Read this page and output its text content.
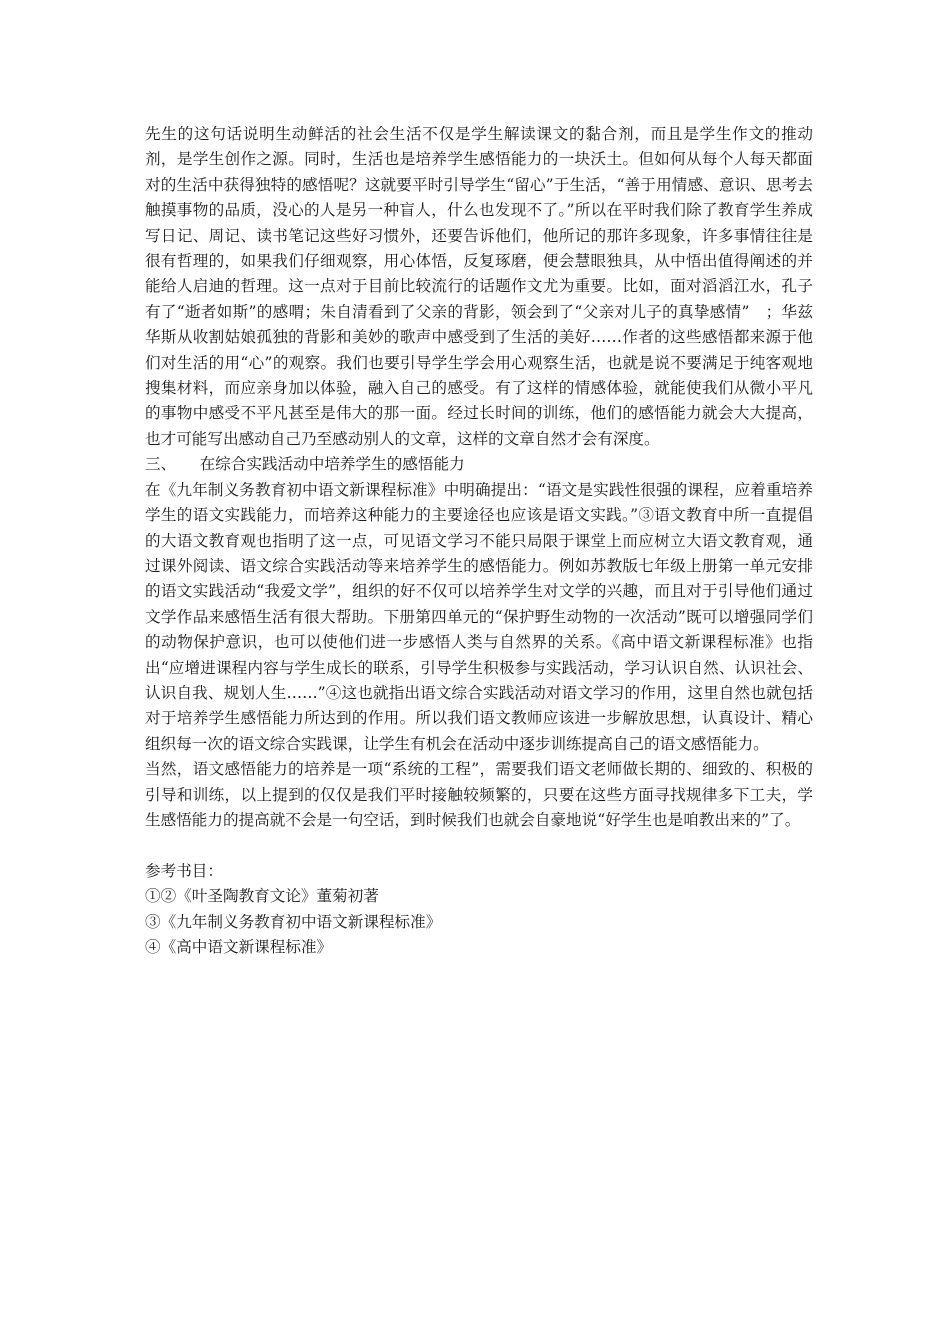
先生的这句话说明生动鲜活的社会生活不仅是学生解读课文的黏合剂，而且是学生作文的推动剂，是学生创作之源。同时，生活也是培养学生感悟能力的一块沃土。但如何从每个人每天都面对的生活中获得独特的感悟呢？这就要平时引导学生“留心”于生活，“善于用情感、意识、思考去触摸事物的品质，没心的人是另一种盲人，什么也发现不了。”所以在平时我们除了教育学生养成写日记、周记、读书笔记这些好习惯外，还要告诉他们，他所记的那许多现象，许多事情往往是很有哲理的，如果我们仔细观察，用心体悟，反复琢磨，便会慧眼独具，从中悟出值得阐述的并能给人启迪的哲理。这一点对于目前比较流行的话题作文尤为重要。比如，面对滔滔江水，孔子有了“逝者如斯”的感喟；朱自清看到了父亲的背影，领会到了“父亲对儿子的真挚感情”　；华兹华斯从收割姑娘孤独的背影和美妙的歌声中感受到了生活的美好……作者的这些感悟都来源于他们对生活的用“心”的观察。我们也要引导学生学会用心观察生活，也就是说不要满足于纯客观地搜集材料，而应亲身加以体验，融入自己的感受。有了这样的情感体验，就能使我们从微小平凡的事物中感受不平凡甚至是伟大的那一面。经过长时间的训练，他们的感悟能力就会大大提高，也才可能写出感动自己乃至感动别人的文章，这样的文章自然才会有深度。

三、　　在综合实践活动中培养学生的感悟能力

在《九年制义务教育初中语文新课程标准》中明确提出：“语文是实践性很强的课程，应着重培养学生的语文实践能力，而培养这种能力的主要途径也应该是语文实践。”③语文教育中所一直提倡的大语文教育观也指明了这一点，可见语文学习不能只局限于课堂上而应树立大语文教育观，通过课外阅读、语文综合实践活动等来培养学生的感悟能力。例如苏教版七年级上册第一单元安排的语文实践活动“我爱文学”，组织的好不仅可以培养学生对文学的兴趣，而且对于引导他们通过文学作品来感悟生活有很大帮助。下册第四单元的“保护野生动物的一次活动”既可以增强同学们的动物保护意识，也可以使他们进一步感悟人类与自然界的关系。《高中语文新课程标准》也指出“应增进课程内容与学生成长的联系，引导学生积极参与实践活动，学习认识自然、认识社会、认识自我、规划人生……”④这也就指出语文综合实践活动对语文学习的作用，这里自然也就包括对于培养学生感悟能力所达到的作用。所以我们语文教师应该进一步解放思想，认真设计、精心组织每一次的语文综合实践课，让学生有机会在活动中逐步训练提高自己的语文感悟能力。

当然，语文感悟能力的培养是一项“系统的工程”，需要我们语文老师做长期的、细致的、积极的引导和训练，以上提到的仅仅是我们平时接触较频繁的，只要在这些方面寻找规律多下工夫，学生感悟能力的提高就不会是一句空话，到时候我们也就会自豪地说“好学生也是咱教出来的”了。

参考书目：

①②《叶圣陶教育文论》董菊初著

③《九年制义务教育初中语文新课程标准》

④《高中语文新课程标准》
